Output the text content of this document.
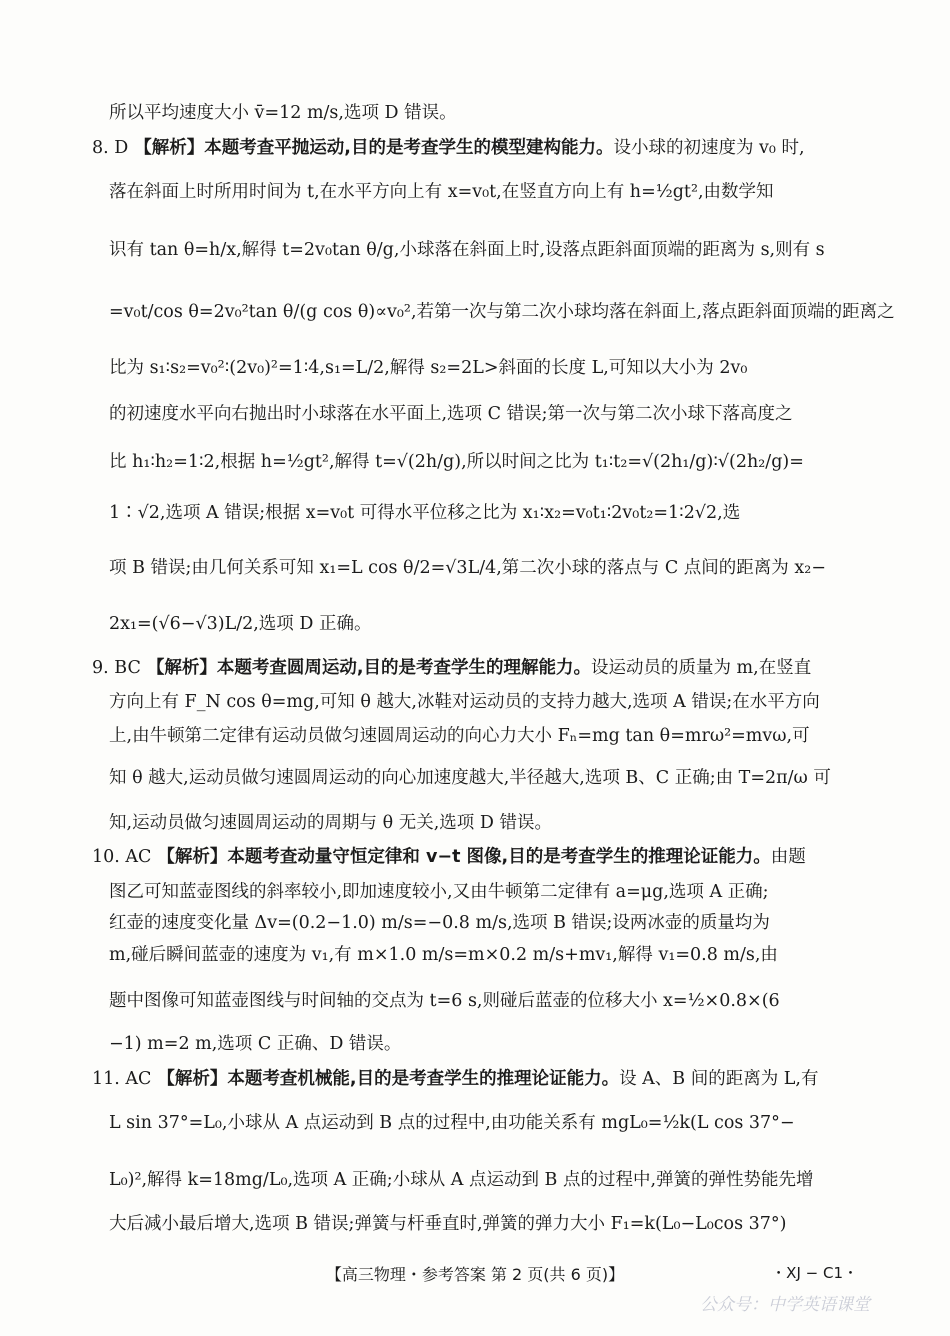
所以平均速度大小 v̄=12 m/s,选项 D 错误。
8. D 【解析】本题考查平抛运动,目的是考查学生的模型建构能力。设小球的初速度为 v₀ 时,
落在斜面上时所用时间为 t,在水平方向上有 x=v₀t,在竖直方向上有 h=½gt²,由数学知
识有 tan θ=h/x,解得 t=2v₀tan θ/g,小球落在斜面上时,设落点距斜面顶端的距离为 s,则有 s
=v₀t/cos θ=2v₀²tan θ/(g cos θ)∝v₀²,若第一次与第二次小球均落在斜面上,落点距斜面顶端的距离之
比为 s₁∶s₂=v₀²∶(2v₀)²=1∶4,s₁=L/2,解得 s₂=2L>斜面的长度 L,可知以大小为 2v₀
的初速度水平向右抛出时小球落在水平面上,选项 C 错误;第一次与第二次小球下落高度之
比 h₁∶h₂=1∶2,根据 h=½gt²,解得 t=√(2h/g),所以时间之比为 t₁∶t₂=√(2h₁/g)∶√(2h₂/g)=
1∶√2,选项 A 错误;根据 x=v₀t 可得水平位移之比为 x₁∶x₂=v₀t₁∶2v₀t₂=1∶2√2,选
项 B 错误;由几何关系可知 x₁=L cos θ/2=√3L/4,第二次小球的落点与 C 点间的距离为 x₂−
2x₁=(√6−√3)L/2,选项 D 正确。
9. BC 【解析】本题考查圆周运动,目的是考查学生的理解能力。设运动员的质量为 m,在竖直
方向上有 F_N cos θ=mg,可知 θ 越大,冰鞋对运动员的支持力越大,选项 A 错误;在水平方向
上,由牛顿第二定律有运动员做匀速圆周运动的向心力大小 Fₙ=mg tan θ=mrω²=mvω,可
知 θ 越大,运动员做匀速圆周运动的向心加速度越大,半径越大,选项 B、C 正确;由 T=2π/ω 可
知,运动员做匀速圆周运动的周期与 θ 无关,选项 D 错误。
10. AC 【解析】本题考查动量守恒定律和 v−t 图像,目的是考查学生的推理论证能力。由题
图乙可知蓝壶图线的斜率较小,即加速度较小,又由牛顿第二定律有 a=μg,选项 A 正确;
红壶的速度变化量 Δv=(0.2−1.0) m/s=−0.8 m/s,选项 B 错误;设两冰壶的质量均为
m,碰后瞬间蓝壶的速度为 v₁,有 m×1.0 m/s=m×0.2 m/s+mv₁,解得 v₁=0.8 m/s,由
题中图像可知蓝壶图线与时间轴的交点为 t=6 s,则碰后蓝壶的位移大小 x=½×0.8×(6
−1) m=2 m,选项 C 正确、D 错误。
11. AC 【解析】本题考查机械能,目的是考查学生的推理论证能力。设 A、B 间的距离为 L,有
L sin 37°=L₀,小球从 A 点运动到 B 点的过程中,由功能关系有 mgL₀=½k(L cos 37°−
L₀)²,解得 k=18mg/L₀,选项 A 正确;小球从 A 点运动到 B 点的过程中,弹簧的弹性势能先增
大后减小最后增大,选项 B 错误;弹簧与杆垂直时,弹簧的弹力大小 F₁=k(L₀−L₀cos 37°)
【高三物理・参考答案 第 2 页(共 6 页)】	・XJ − C1・
公众号：中学英语课堂
